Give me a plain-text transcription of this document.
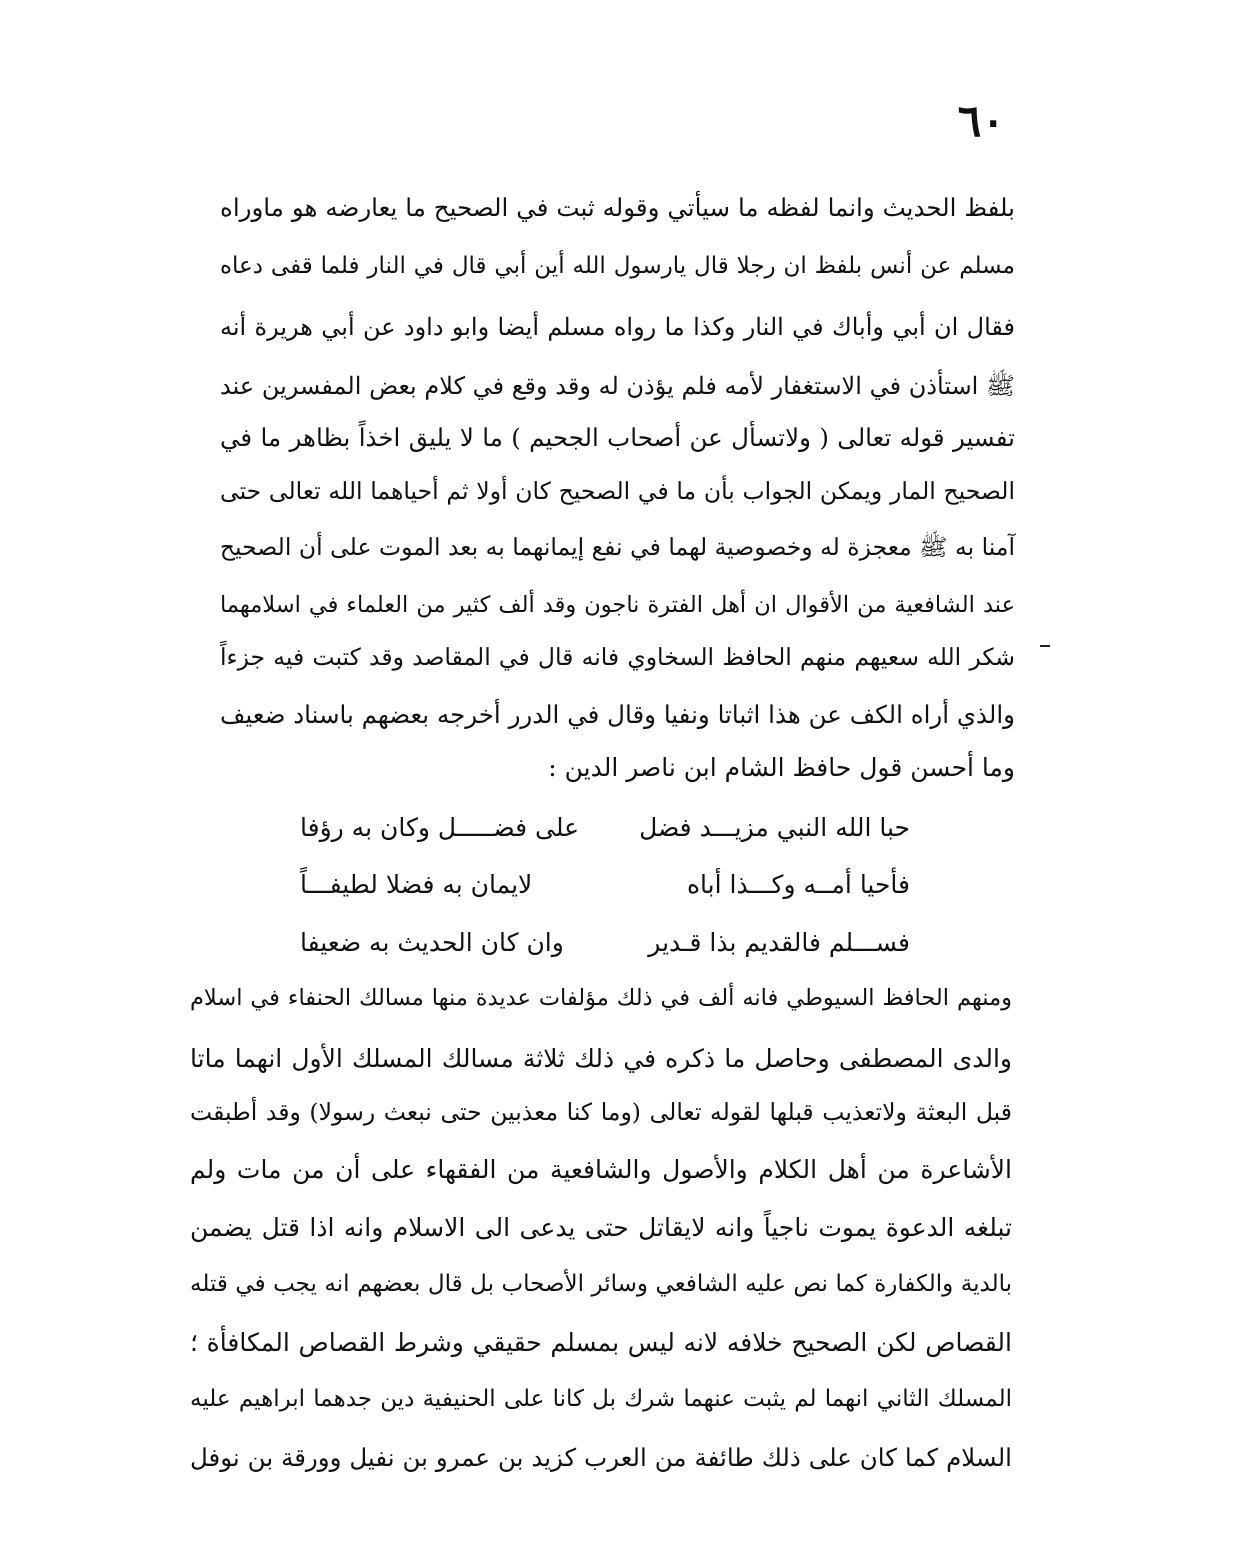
٦٠
بلفظ الحديث وانما لفظه ما سيأتي وقوله ثبت في الصحيح ما يعارضه هو ماوراه
مسلم عن أنس بلفظ ان رجلا قال يارسول الله أين أبي قال في النار فلما قفى دعاه
فقال ان أبي وأباك في النار وكذا ما رواه مسلم أيضا وابو داود عن أبي هريرة أنه
ﷺ استأذن في الاستغفار لأمه فلم يؤذن له وقد وقع في كلام بعض المفسرين عند
تفسير قوله تعالى ( ولاتسأل عن أصحاب الجحيم ) ما لا يليق اخذاً بظاهر ما في
الصحيح المار ويمكن الجواب بأن ما في الصحيح كان أولا ثم أحياهما الله تعالى حتى
آمنا به ﷺ معجزة له وخصوصية لهما في نفع إيمانهما به بعد الموت على أن الصحيح
عند الشافعية من الأقوال ان أهل الفترة ناجون وقد ألف كثير من العلماء في اسلامهما
شكر الله سعيهم منهم الحافظ السخاوي فانه قال في المقاصد وقد كتبت فيه جزءاً
والذي أراه الكف عن هذا اثباتا ونفيا وقال في الدرر أخرجه بعضهم باسناد ضعيف
وما أحسن قول حافظ الشام ابن ناصر الدين :
حبا الله النبي مزيـــد فضل
على فضـــــل وكان به رؤفا
فأحيا أمــه وكـــذا أباه
لايمان به فضلا لطيفـــاً
فســـلم فالقديم بذا قـدير
وان كان الحديث به ضعيفا
ومنهم الحافظ السيوطي فانه ألف في ذلك مؤلفات عديدة منها مسالك الحنفاء في اسلام
والدى المصطفى وحاصل ما ذكره في ذلك ثلاثة مسالك المسلك الأول انهما ماتا
قبل البعثة ولاتعذيب قبلها لقوله تعالى (وما كنا معذبين حتى نبعث رسولا) وقد أطبقت
الأشاعرة من أهل الكلام والأصول والشافعية من الفقهاء على أن من مات ولم
تبلغه الدعوة يموت ناجياً وانه لايقاتل حتى يدعى الى الاسلام وانه اذا قتل يضمن
بالدية والكفارة كما نص عليه الشافعي وسائر الأصحاب بل قال بعضهم انه يجب في قتله
القصاص لكن الصحيح خلافه لانه ليس بمسلم حقيقي وشرط القصاص المكافأة ؛
المسلك الثاني انهما لم يثبت عنهما شرك بل كانا على الحنيفية دين جدهما ابراهيم عليه
السلام كما كان على ذلك طائفة من العرب كزيد بن عمرو بن نفيل وورقة بن نوفل
